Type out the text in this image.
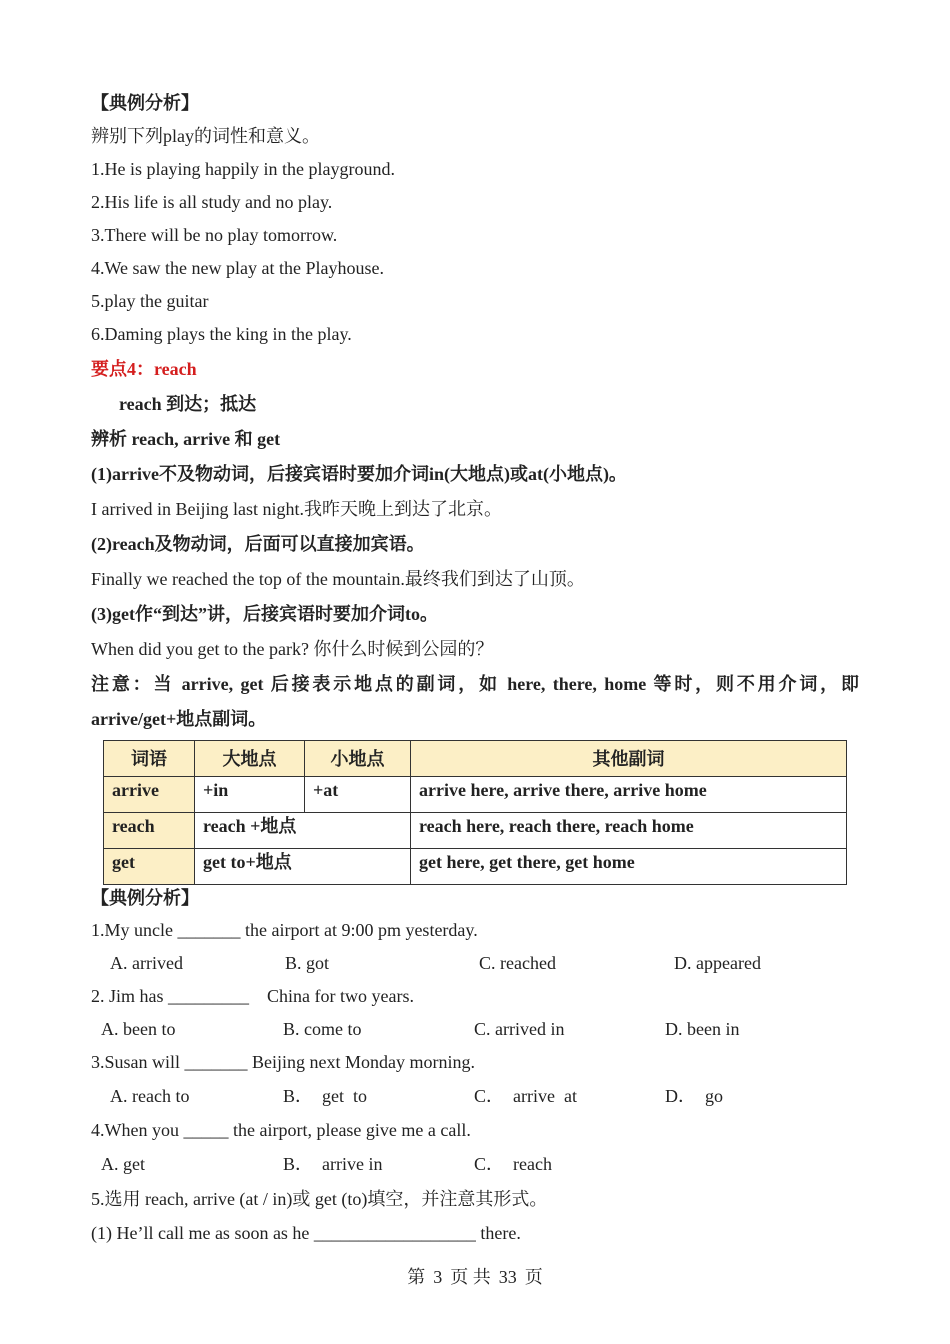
【典例分析】
辨别下列play的词性和意义。
1.He is playing happily in the playground.
2.His life is all study and no play.
3.There will be no play tomorrow.
4.We saw the new play at the Playhouse.
5.play the guitar
6.Daming plays the king in the play.
要点4：reach
reach 到达；抵达
辨析 reach, arrive 和 get
(1)arrive不及物动词，后接宾语时要加介词in(大地点)或at(小地点)。
I arrived in Beijing last night.我昨天晚上到达了北京。
(2)reach及物动词，后面可以直接加宾语。
Finally we reached the top of the mountain.最终我们到达了山顶。
(3)get作“到达”讲，后接宾语时要加介词to。
When did you get to the park? 你什么时候到公园的？
注意：当 arrive, get 后接表示地点的副词，如 here, there, home 等时，则不用介词，即
arrive/get+地点副词。
词语	大地点	小地点	其他副词
arrive	+in	+at	arrive here, arrive there, arrive home
reach	reach +地点		reach here, reach there, reach home
get	get to+地点		get here, get there, get home
【典例分析】
1.My uncle _______ the airport at 9:00 pm yesterday.
A. arrived	B. got	C. reached	D. appeared
2. Jim has _________    China for two years.
A. been to	B. come to	C. arrived in	D. been in
3.Susan will _______ Beijing next Monday morning.
A. reach to	B．  get  to	C．  arrive  at	D．  go
4.When you _____ the airport, please give me a call.
A. get	B．  arrive in	C．  reach
5.选用 reach, arrive (at / in)或 get (to)填空，并注意其形式。
(1) He’ll call me as soon as he __________________ there.
第 3 页 共 33 页
